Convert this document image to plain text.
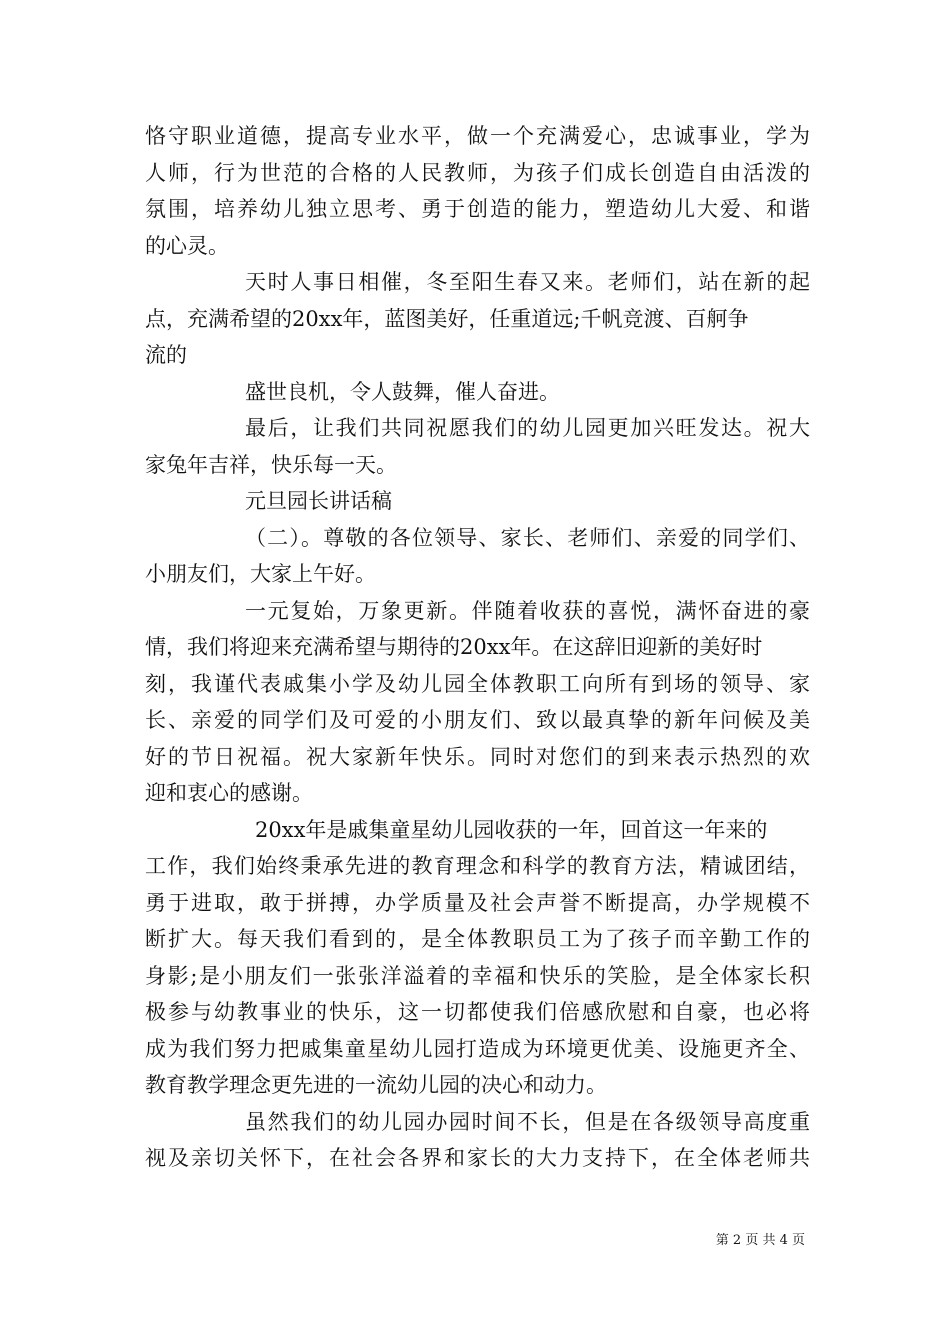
恪守职业道德，提高专业水平，做一个充满爱心，忠诚事业，学为
人师，行为世范的合格的人民教师，为孩子们成长创造自由活泼的
氛围，培养幼儿独立思考、勇于创造的能力，塑造幼儿大爱、和谐
的心灵。
天时人事日相催，冬至阳生春又来。老师们，站在新的起
点，充满希望的20xx年，蓝图美好，任重道远;千帆竞渡、百舸争
流的
盛世良机，令人鼓舞，催人奋进。
最后，让我们共同祝愿我们的幼儿园更加兴旺发达。祝大
家兔年吉祥，快乐每一天。
元旦园长讲话稿
（二）。尊敬的各位领导、家长、老师们、亲爱的同学们、
小朋友们，大家上午好。
一元复始，万象更新。伴随着收获的喜悦，满怀奋进的豪
情，我们将迎来充满希望与期待的20xx年。在这辞旧迎新的美好时
刻，我谨代表戚集小学及幼儿园全体教职工向所有到场的领导、家
长、亲爱的同学们及可爱的小朋友们、致以最真挚的新年问候及美
好的节日祝福。祝大家新年快乐。同时对您们的到来表示热烈的欢
迎和衷心的感谢。
20xx年是戚集童星幼儿园收获的一年，回首这一年来的
工作，我们始终秉承先进的教育理念和科学的教育方法，精诚团结，
勇于进取，敢于拼搏，办学质量及社会声誉不断提高，办学规模不
断扩大。每天我们看到的，是全体教职员工为了孩子而辛勤工作的
身影;是小朋友们一张张洋溢着的幸福和快乐的笑脸，是全体家长积
极参与幼教事业的快乐，这一切都使我们倍感欣慰和自豪，也必将
成为我们努力把戚集童星幼儿园打造成为环境更优美、设施更齐全、
教育教学理念更先进的一流幼儿园的决心和动力。
虽然我们的幼儿园办园时间不长，但是在各级领导高度重
视及亲切关怀下，在社会各界和家长的大力支持下，在全体老师共
第 2 页 共 4 页
